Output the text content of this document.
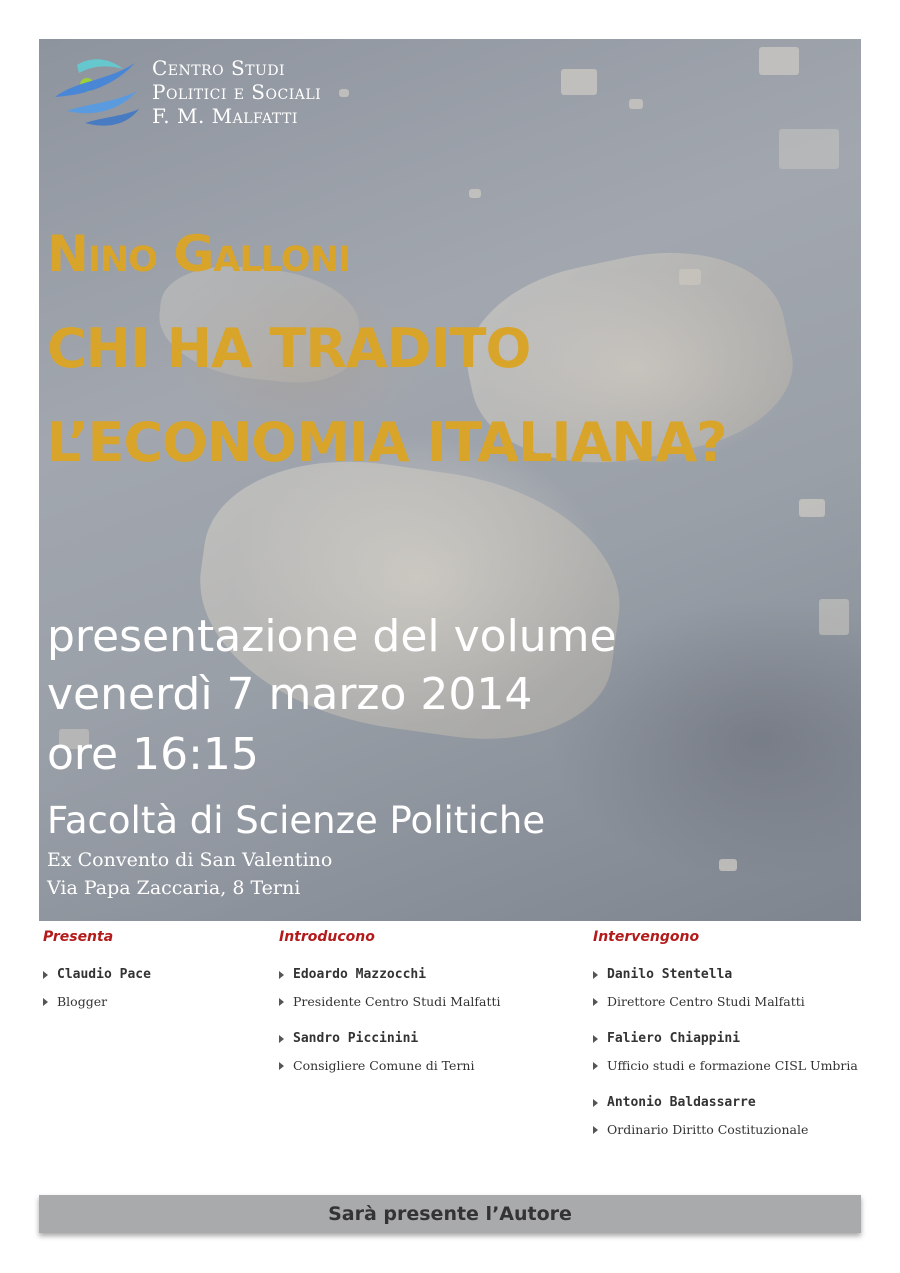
Centro Studi
Politici e Sociali
F. M. Malfatti
Nino Galloni
CHI HA TRADITO
L’ECONOMIA ITALIANA?
presentazione del volume
venerdì 7 marzo 2014
ore 16:15
Facoltà di Scienze Politiche
Ex Convento di San Valentino
Via Papa Zaccaria, 8 Terni
Presenta
Claudio Pace
Blogger
Introducono
Edoardo Mazzocchi
Presidente Centro Studi Malfatti
Sandro Piccinini
Consigliere Comune di Terni
Intervengono
Danilo Stentella
Direttore Centro Studi Malfatti
Faliero Chiappini
Ufficio studi e formazione CISL Umbria
Antonio Baldassarre
Ordinario Diritto Costituzionale
Sarà presente l’Autore
